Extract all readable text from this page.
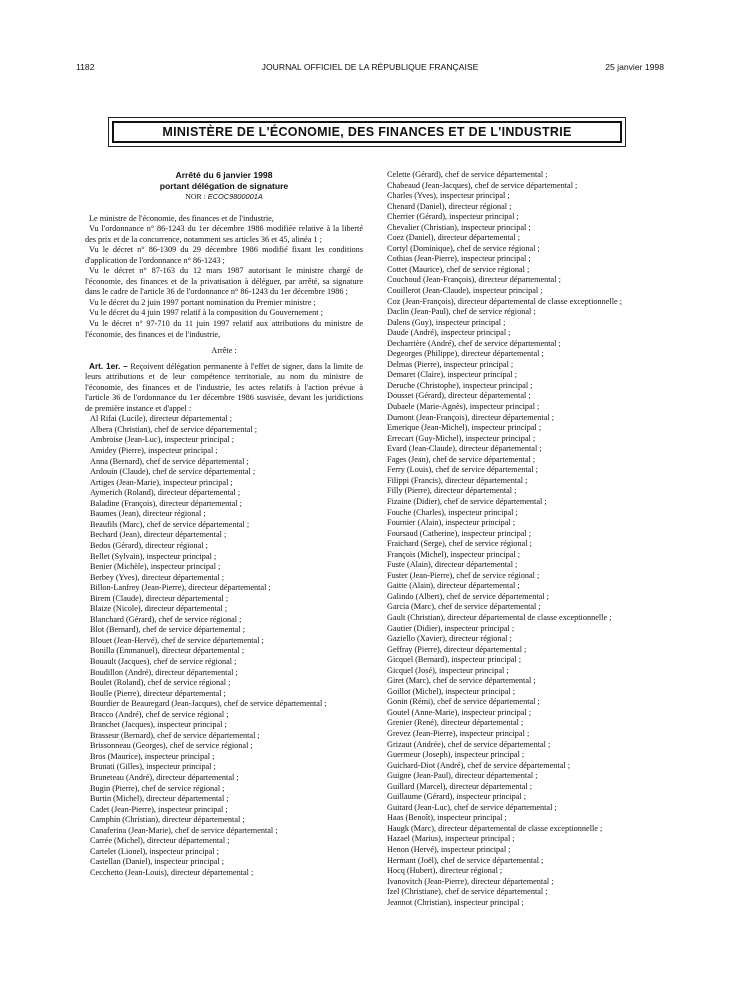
1182	JOURNAL OFFICIEL DE LA RÉPUBLIQUE FRANÇAISE	25 janvier 1998
MINISTÈRE DE L'ÉCONOMIE, DES FINANCES ET DE L'INDUSTRIE
Arrêté du 6 janvier 1998
portant délégation de signature
NOR : ECOC9800001A

Le ministre de l'économie, des finances et de l'industrie,

Vu l'ordonnance n° 86-1243 du 1er décembre 1986 modifiée relative à la liberté des prix et de la concurrence, notamment ses articles 36 et 45, alinéa 1 ;

Vu le décret n° 86-1309 du 29 décembre 1986 modifié fixant les conditions d'application de l'ordonnance n° 86-1243 ;

Vu le décret n° 87-163 du 12 mars 1987 autorisant le ministre chargé de l'économie, des finances et de la privatisation à déléguer, par arrêté, sa signature dans le cadre de l'article 36 de l'ordonnance n° 86-1243 du 1er décembre 1986 ;

Vu le décret du 2 juin 1997 portant nomination du Premier ministre ;

Vu le décret du 4 juin 1997 relatif à la composition du Gouvernement ;

Vu le décret n° 97-710 du 11 juin 1997 relatif aux attributions du ministre de l'économie, des finances et de l'industrie,

Arrête :

Art. 1er. – Reçoivent délégation permanente à l'effet de signer, dans la limite de leurs attributions et de leur compétence territoriale, au nom du ministre de l'économie, des finances et de l'industrie, les actes relatifs à l'action prévue à l'article 36 de l'ordonnance du 1er décembre 1986 susvisée, devant les juridictions de première instance et d'appel :

Al Rifai (Lucile), directeur départemental ;
Albera (Christian), chef de service départemental ;
Ambroise (Jean-Luc), inspecteur principal ;
Amidey (Pierre), inspecteur principal ;
Anna (Bernard), chef de service départemental ;
Ardouin (Claude), chef de service départemental ;
Artiges (Jean-Marie), inspecteur principal ;
Aymerich (Roland), directeur départemental ;
Baladine (François), directeur départemental ;
Baumes (Jean), directeur régional ;
Beaufils (Marc), chef de service départemental ;
Bechard (Jean), directeur départemental ;
Bedos (Gérard), directeur régional ;
Bellet (Sylvain), inspecteur principal ;
Benier (Michèle), inspecteur principal ;
Berbey (Yves), directeur départemental ;
Billon-Lanfrey (Jean-Pierre), directeur départemental ;
Birem (Claude), directeur départemental ;
Blaize (Nicole), directeur départemental ;
Blanchard (Gérard), chef de service régional ;
Blot (Bernard), chef de service départemental ;
Blouet (Jean-Hervé), chef de service départemental ;
Bonilla (Emmanuel), directeur départemental ;
Bouault (Jacques), chef de service régional ;
Boudillon (André), directeur départemental ;
Boulet (Roland), chef de service régional ;
Boulle (Pierre), directeur départemental ;
Bourdier de Beauregard (Jean-Jacques), chef de service départemental ;
Bracco (André), chef de service régional ;
Branchet (Jacques), inspecteur principal ;
Brasseur (Bernard), chef de service départemental ;
Brissonneau (Georges), chef de service régional ;
Bros (Maurice), inspecteur principal ;
Brunati (Gilles), inspecteur principal ;
Bruneteau (André), directeur départemental ;
Bugin (Pierre), chef de service régional ;
Burtin (Michel), directeur départemental ;
Cadet (Jean-Pierre), inspecteur principal ;
Camphin (Christian), directeur départemental ;
Canaferina (Jean-Marie), chef de service départemental ;
Carrée (Michel), directeur départemental ;
Cartelet (Lionel), inspecteur principal ;
Castellan (Daniel), inspecteur principal ;
Cecchetto (Jean-Louis), directeur départemental ;
Celette (Gérard), chef de service départemental ;
Chabeaud (Jean-Jacques), chef de service départemental ;
Charles (Yves), inspecteur principal ;
Chenard (Daniel), directeur régional ;
Cherrier (Gérard), inspecteur principal ;
Chevalier (Christian), inspecteur principal ;
Coez (Daniel), directeur départemental ;
Cortyl (Dominique), chef de service régional ;
Cothias (Jean-Pierre), inspecteur principal ;
Cottet (Maurice), chef de service régional ;
Couchoud (Jean-François), directeur départemental ;
Couillerot (Jean-Claude), inspecteur principal ;
Coz (Jean-François), directeur départemental de classe exceptionnelle ;
Daclin (Jean-Paul), chef de service régional ;
Dalens (Guy), inspecteur principal ;
Daude (André), inspecteur principal ;
Decharrière (André), chef de service départemental ;
Degeorges (Philippe), directeur départemental ;
Delmas (Pierre), inspecteur principal ;
Demaret (Claire), inspecteur principal ;
Deruche (Christophe), inspecteur principal ;
Dousset (Gérard), directeur départemental ;
Dubaele (Marie-Agnès), inspecteur principal ;
Dumont (Jean-François), directeur départemental ;
Emerique (Jean-Michel), inspecteur principal ;
Errecart (Guy-Michel), inspecteur principal ;
Evard (Jean-Claude), directeur départemental ;
Fages (Jean), chef de service départemental ;
Ferry (Louis), chef de service départemental ;
Filippi (Francis), directeur départemental ;
Filly (Pierre), directeur départemental ;
Fizaine (Didier), chef de service départemental ;
Fouche (Charles), inspecteur principal ;
Fournier (Alain), inspecteur principal ;
Foursaud (Catherine), inspecteur principal ;
Fraichard (Serge), chef de service régional ;
François (Michel), inspecteur principal ;
Fuste (Alain), directeur départemental ;
Fuster (Jean-Pierre), chef de service régional ;
Gaitte (Alain), directeur départemental ;
Galindo (Albert), chef de service départemental ;
Garcia (Marc), chef de service départemental ;
Gault (Christian), directeur départemental de classe exceptionnelle ;
Gautier (Didier), inspecteur principal ;
Gaziello (Xavier), directeur régional ;
Geffray (Pierre), directeur départemental ;
Gicquel (Bernard), inspecteur principal ;
Gicquel (José), inspecteur principal ;
Giret (Marc), chef de service départemental ;
Goillot (Michel), inspecteur principal ;
Gonin (Rémi), chef de service départemental ;
Goutel (Anne-Marie), inspecteur principal ;
Grenier (René), directeur départemental ;
Grevez (Jean-Pierre), inspecteur principal ;
Grizaut (Andrée), chef de service départemental ;
Guermeur (Joseph), inspecteur principal ;
Guichard-Diot (André), chef de service départemental ;
Guigne (Jean-Paul), directeur départemental ;
Guillard (Marcel), directeur départemental ;
Guillaume (Gérard), inspecteur principal ;
Guitard (Jean-Luc), chef de service départemental ;
Haas (Benoît), inspecteur principal ;
Haugk (Marc), directeur départemental de classe exceptionnelle ;
Hazael (Marius), inspecteur principal ;
Henon (Hervé), inspecteur principal ;
Hermant (Joël), chef de service départemental ;
Hocq (Hubert), directeur régional ;
Ivanovitch (Jean-Pierre), directeur départemental ;
Izel (Christiane), chef de service départemental ;
Jeannot (Christian), inspecteur principal ;
